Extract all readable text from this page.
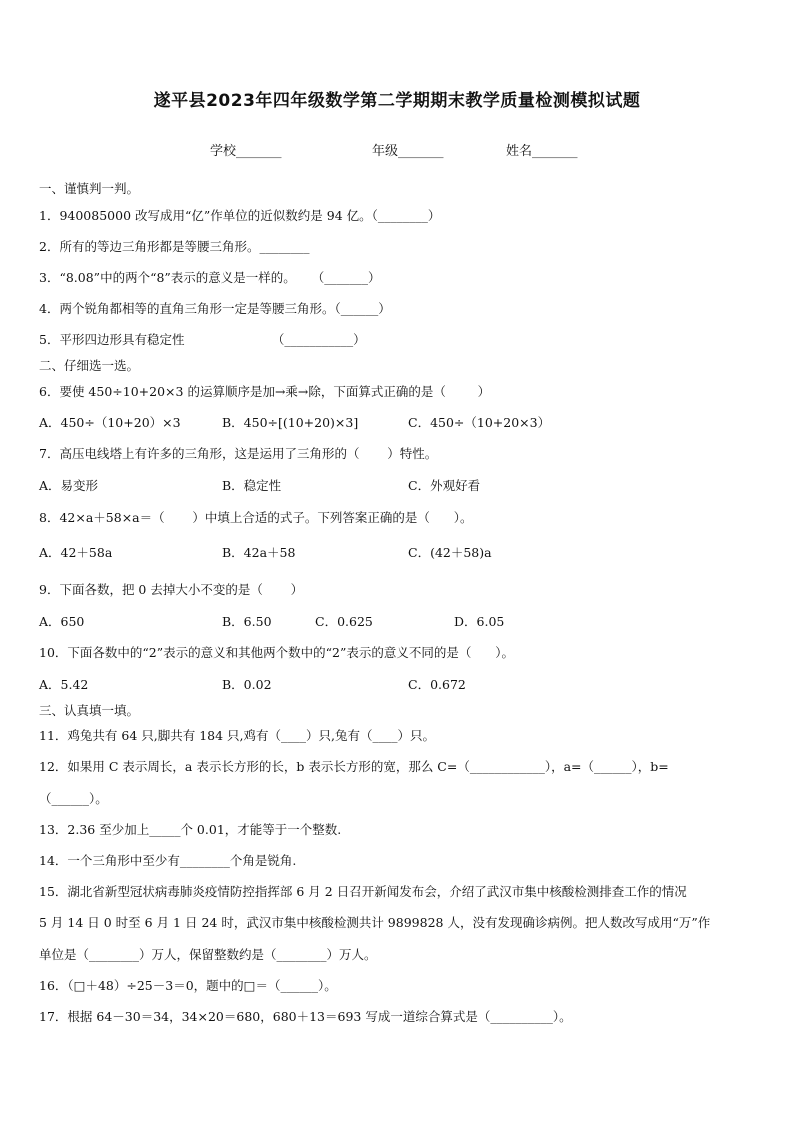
遂平县2023年四年级数学第二学期期末教学质量检测模拟试题
学校_______	年级_______	姓名_______
一、谨慎判一判。
1．940085000 改写成用“亿”作单位的近似数约是 94 亿。（________）
2．所有的等边三角形都是等腰三角形。________
3．“8.08”中的两个“8”表示的意义是一样的。    （_______）
4．两个锐角都相等的直角三角形一定是等腰三角形。（______）
5．平形四边形具有稳定性                      （___________）
二、仔细选一选。
6．要使 450÷10+20×3 的运算顺序是加→乘→除，下面算式正确的是（        ）
A．450÷（10+20）×3	B．450÷[(10+20)×3]	C．450÷（10+20×3）
7．高压电线塔上有许多的三角形，这是运用了三角形的（       ）特性。
A．易变形	B．稳定性	C．外观好看
8．42×a＋58×a＝（       ）中填上合适的式子。下列答案正确的是（      ）。
A．42＋58a	B．42a＋58	C．(42＋58)a
9．下面各数，把 0 去掉大小不变的是（       ）
A．650	B．6.50	C．0.625	D．6.05
10．下面各数中的“2”表示的意义和其他两个数中的“2”表示的意义不同的是（      ）。
A．5.42	B．0.02	C．0.672
三、认真填一填。
11．鸡兔共有 64 只,脚共有 184 只,鸡有（____）只,兔有（____）只。
12．如果用 C 表示周长，a 表示长方形的长，b 表示长方形的宽，那么 C=（____________），a=（______），b=
（______）。
13．2.36 至少加上_____个 0.01，才能等于一个整数.
14．一个三角形中至少有________个角是锐角.
15．湖北省新型冠状病毒肺炎疫情防控指挥部 6 月 2 日召开新闻发布会，介绍了武汉市集中核酸检测排查工作的情况
5 月 14 日 0 时至 6 月 1 日 24 时，武汉市集中核酸检测共计 9899828 人，没有发现确诊病例。把人数改写成用“万”作
单位是（________）万人，保留整数约是（________）万人。
16．（□＋48）÷25－3＝0，题中的□＝（______）。
17．根据 64－30＝34，34×20＝680，680＋13＝693 写成一道综合算式是（__________）。
